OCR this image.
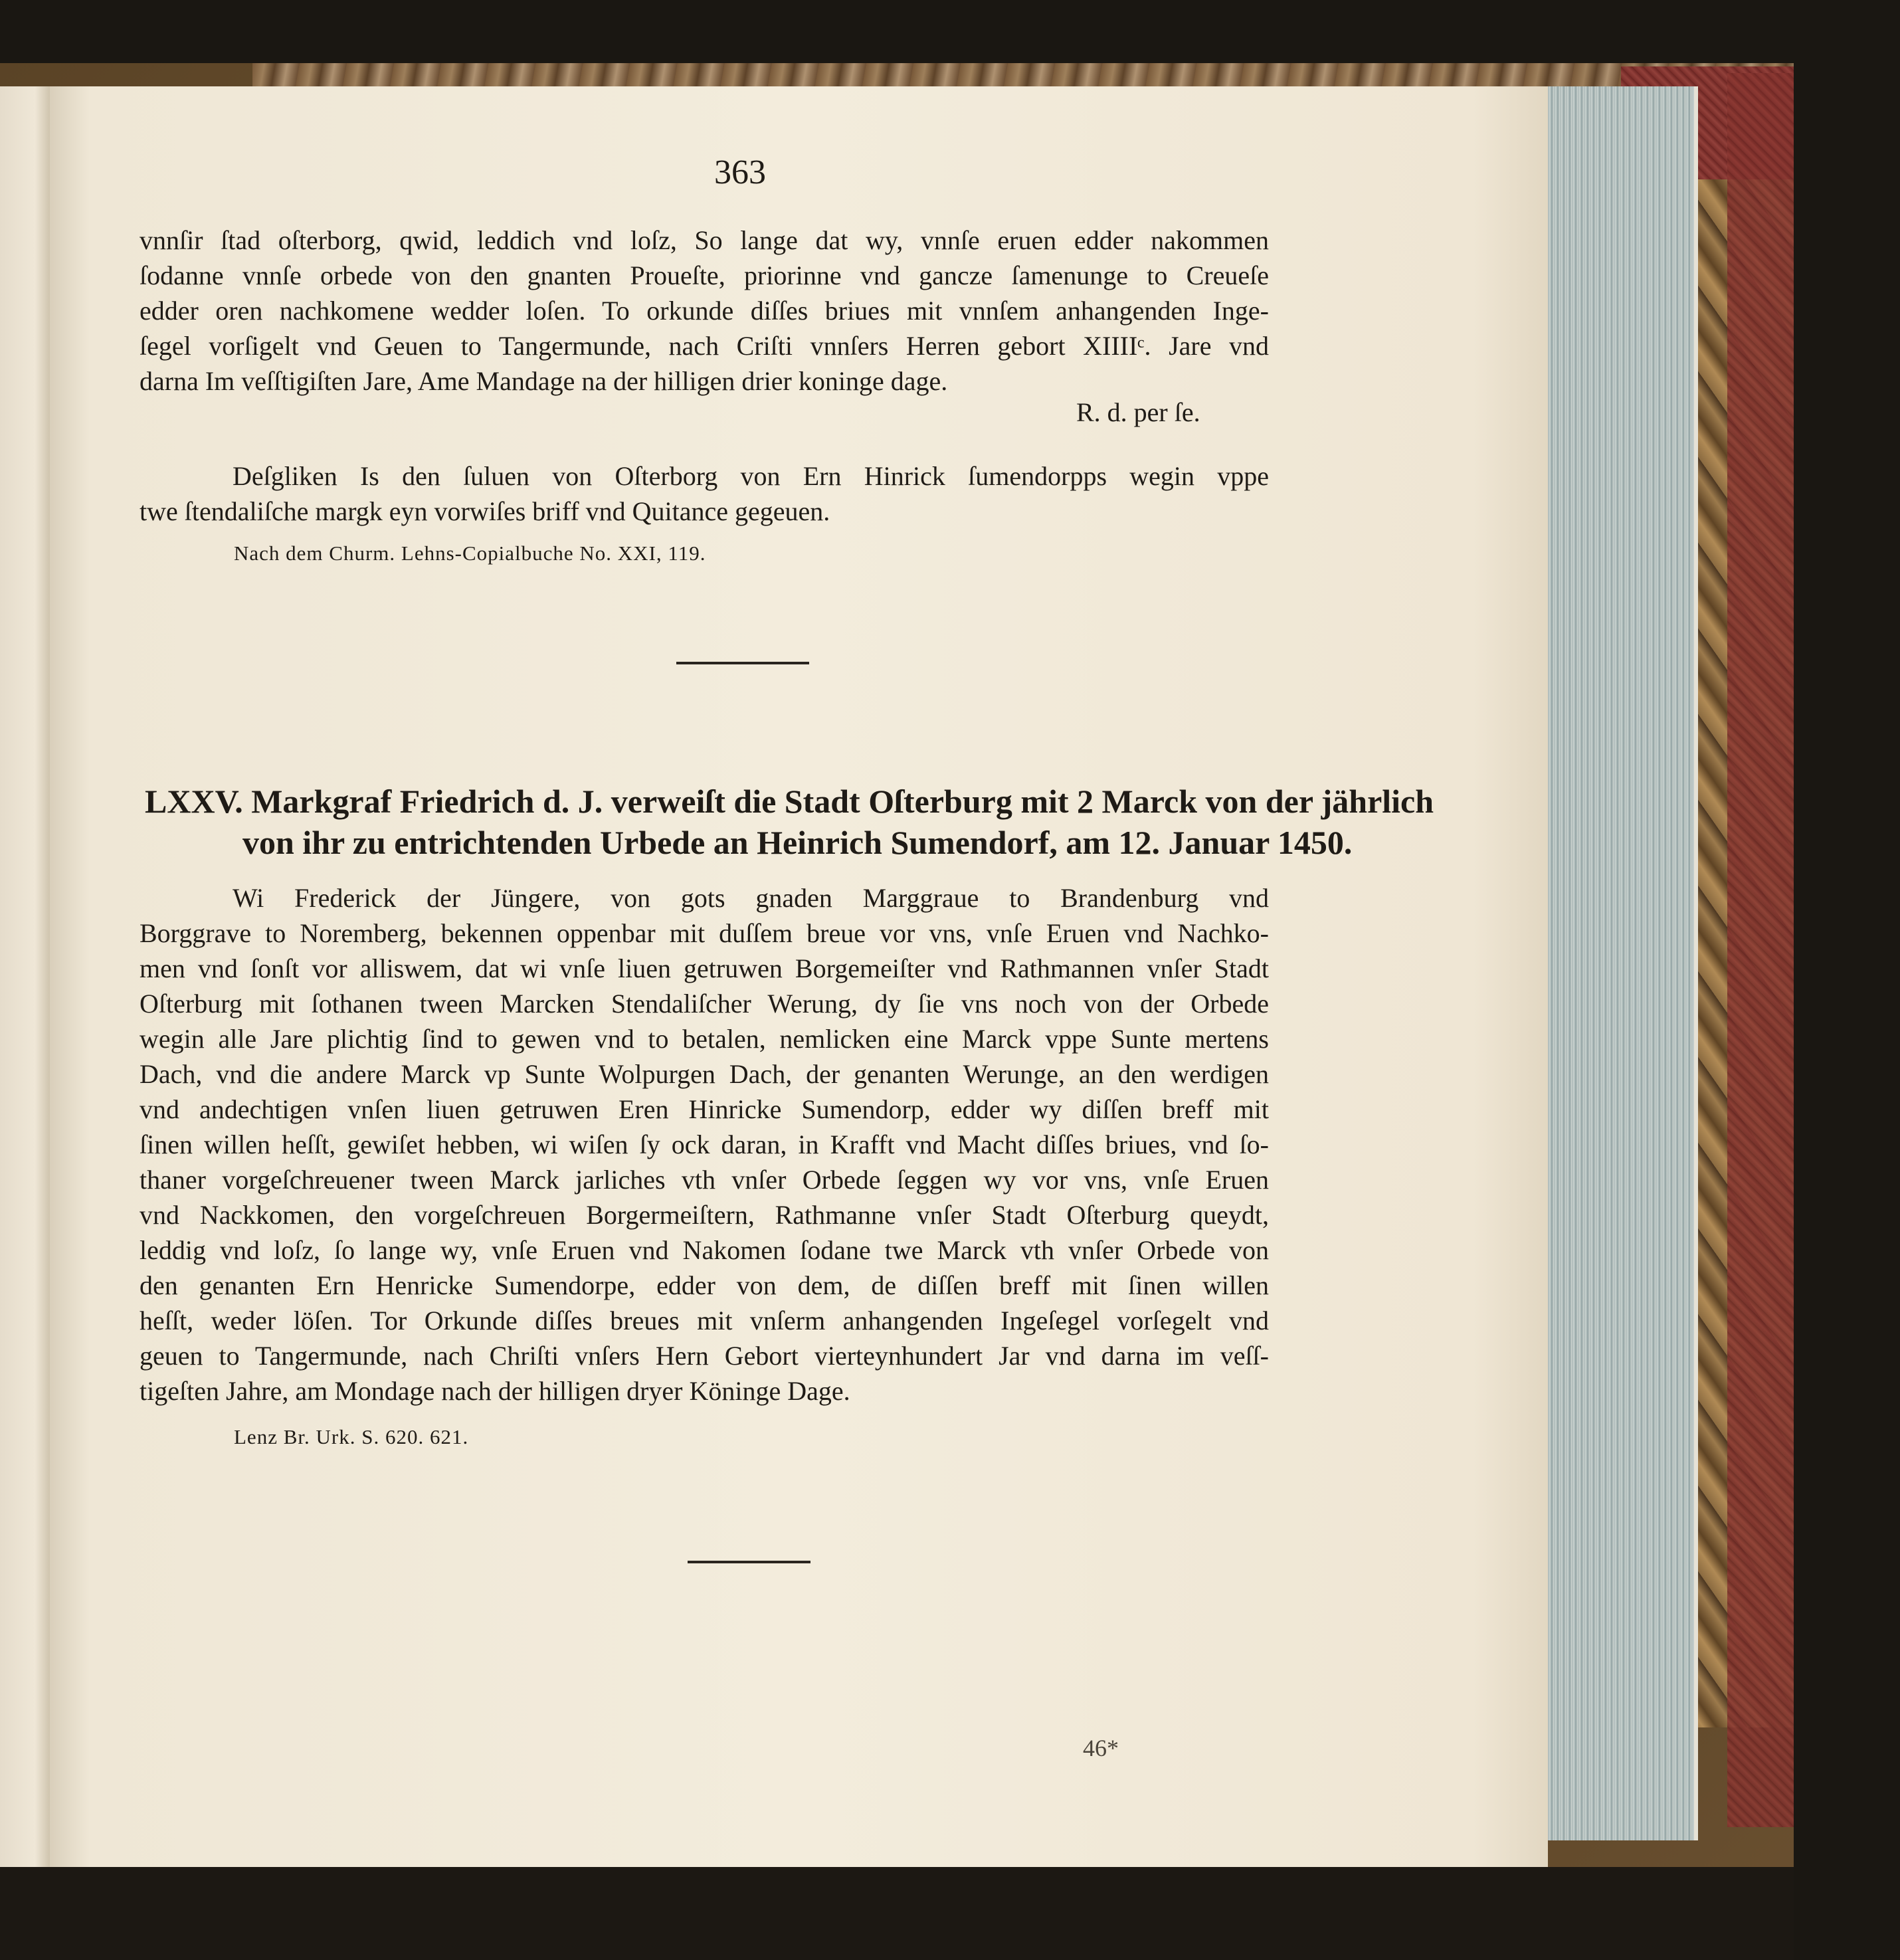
363

vnnſir ſtad oſterborg, qwid, leddich vnd loſz, So lange dat wy, vnnſe eruen edder nakommen
ſodanne vnnſe orbede von den gnanten Proueſte, priorinne vnd gancze ſamenunge to Creueſe
edder oren nachkomene wedder loſen. To orkunde diſſes briues mit vnnſem anhangenden Inge-
ſegel vorſigelt vnd Geuen to Tangermunde, nach Criſti vnnſers Herren gebort XIIIIᶜ. Jare vnd

darna Im veſſtigiſten Jare, Ame Mandage na der hilligen drier koninge dage.

R. d. per ſe.

Deſgliken Is den ſuluen von Oſterborg von Ern Hinrick ſumendorpps wegin vppe

twe ſtendaliſche margk eyn vorwiſes briff vnd Quitance gegeuen.

Nach dem Churm. Lehns-Copialbuche No. XXI, 119.

LXXV. Markgraf Friedrich d. J. verweiſt die Stadt Oſterburg mit 2 Marck von der jährlich

von ihr zu entrichtenden Urbede an Heinrich Sumendorf, am 12. Januar 1450.

Wi Frederick der Jüngere, von gots gnaden Marggraue to Brandenburg vnd

Borggrave to Noremberg, bekennen oppenbar mit duſſem breue vor vns, vnſe Eruen vnd Nachko-
men vnd ſonſt vor alliswem, dat wi vnſe liuen getruwen Borgemeiſter vnd Rathmannen vnſer Stadt
Oſterburg mit ſothanen tween Marcken Stendaliſcher Werung, dy ſie vns noch von der Orbede
wegin alle Jare plichtig ſind to gewen vnd to betalen, nemlicken eine Marck vppe Sunte mertens
Dach, vnd die andere Marck vp Sunte Wolpurgen Dach, der genanten Werunge, an den werdigen
vnd andechtigen vnſen liuen getruwen Eren Hinricke Sumendorp, edder wy diſſen breff mit
ſinen willen heſſt, gewiſet hebben, wi wiſen ſy ock daran, in Krafft vnd Macht diſſes briues, vnd ſo-
thaner vorgeſchreuener tween Marck jarliches vth vnſer Orbede ſeggen wy vor vns, vnſe Eruen
vnd Nackkomen, den vorgeſchreuen Borgermeiſtern, Rathmanne vnſer Stadt Oſterburg queydt,
leddig vnd loſz, ſo lange wy, vnſe Eruen vnd Nakomen ſodane twe Marck vth vnſer Orbede von
den genanten Ern Henricke Sumendorpe, edder von dem, de diſſen breff mit ſinen willen
heſſt, weder löſen. Tor Orkunde diſſes breues mit vnſerm anhangenden Ingeſegel vorſegelt vnd
geuen to Tangermunde, nach Chriſti vnſers Hern Gebort vierteynhundert Jar vnd darna im veſſ-

tigeſten Jahre, am Mondage nach der hilligen dryer Köninge Dage.

Lenz Br. Urk. S. 620. 621.

46*
